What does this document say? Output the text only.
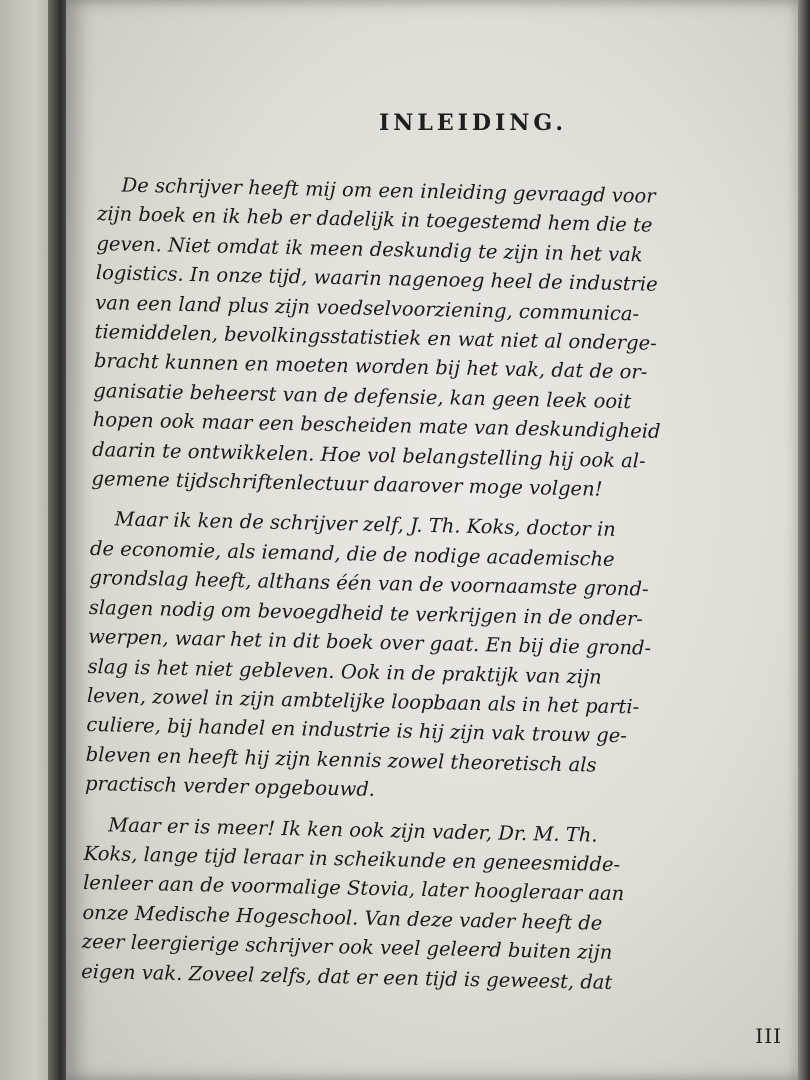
INLEIDING.

De schrijver heeft mij om een inleiding gevraagd voor
zijn boek en ik heb er dadelijk in toegestemd hem die te
geven. Niet omdat ik meen deskundig te zijn in het vak
logistics. In onze tijd, waarin nagenoeg heel de industrie
van een land plus zijn voedselvoorziening, communica-
tiemiddelen, bevolkingsstatistiek en wat niet al onderge-
bracht kunnen en moeten worden bij het vak, dat de or-
ganisatie beheerst van de defensie, kan geen leek ooit
hopen ook maar een bescheiden mate van deskundigheid
daarin te ontwikkelen. Hoe vol belangstelling hij ook al-
gemene tijdschriftenlectuur daarover moge volgen!

Maar ik ken de schrijver zelf, J. Th. Koks, doctor in
de economie, als iemand, die de nodige academische
grondslag heeft, althans één van de voornaamste grond-
slagen nodig om bevoegdheid te verkrijgen in de onder-
werpen, waar het in dit boek over gaat. En bij die grond-
slag is het niet gebleven. Ook in de praktijk van zijn
leven, zowel in zijn ambtelijke loopbaan als in het parti-
culiere, bij handel en industrie is hij zijn vak trouw ge-
bleven en heeft hij zijn kennis zowel theoretisch als
practisch verder opgebouwd.

Maar er is meer! Ik ken ook zijn vader, Dr. M. Th.
Koks, lange tijd leraar in scheikunde en geneesmidde-
lenleer aan de voormalige Stovia, later hoogleraar aan
onze Medische Hogeschool. Van deze vader heeft de
zeer leergierige schrijver ook veel geleerd buiten zijn
eigen vak. Zoveel zelfs, dat er een tijd is geweest, dat

III
